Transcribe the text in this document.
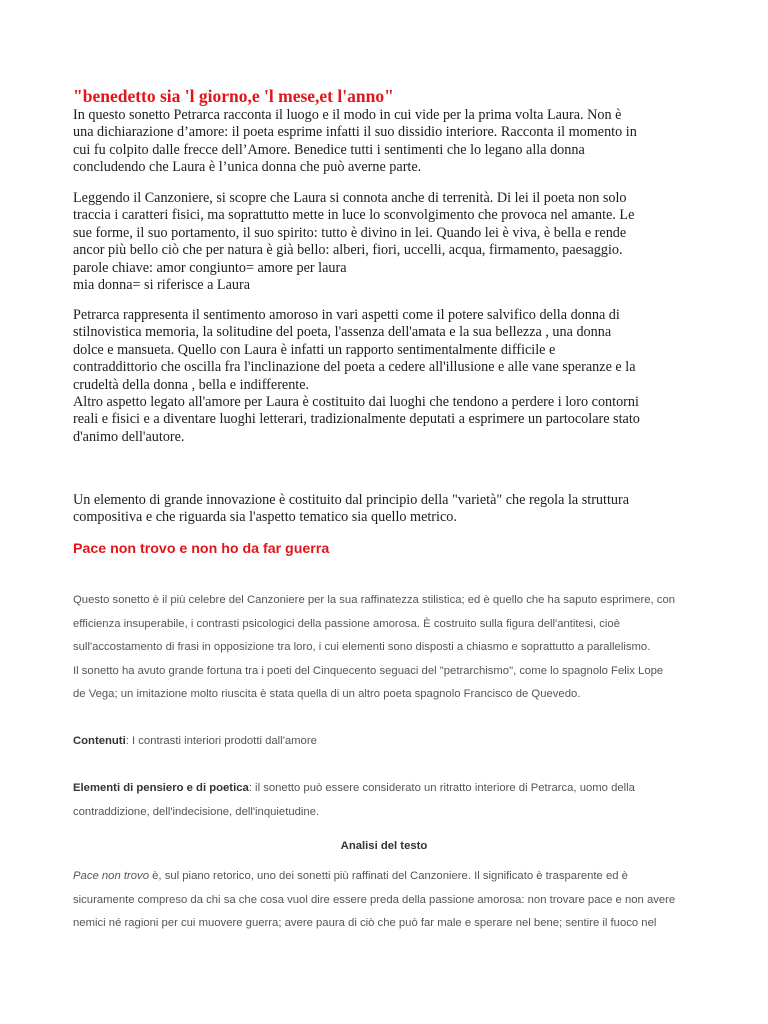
"benedetto sia 'l giorno,e 'l mese,et l'anno"
In questo sonetto Petrarca racconta il luogo e il modo in cui vide per la prima volta Laura. Non è
una dichiarazione d’amore: il poeta esprime infatti il suo dissidio interiore. Racconta il momento in
cui fu colpito dalle frecce dell’Amore. Benedice tutti i sentimenti che lo legano alla donna
concludendo che Laura è l’unica donna che può averne parte.
Leggendo il Canzoniere, si scopre che Laura si connota anche di terrenità. Di lei il poeta non solo
traccia i caratteri fisici, ma soprattutto mette in luce lo sconvolgimento che provoca nel amante. Le
sue forme, il suo portamento, il suo spirito: tutto è divino in lei. Quando lei è viva, è bella e rende
ancor più bello ciò che per natura è già bello: alberi, fiori, uccelli, acqua, firmamento, paesaggio.
parole chiave: amor congiunto= amore per laura
mia donna= si riferisce a Laura
Petrarca rappresenta il sentimento amoroso in vari aspetti come il potere salvifico della donna di
stilnovistica memoria, la solitudine del poeta, l'assenza dell'amata e la sua bellezza , una donna
dolce e mansueta. Quello con Laura è infatti un rapporto sentimentalmente difficile e
contraddittorio che oscilla fra l'inclinazione del poeta a cedere all'illusione e alle vane speranze e la
crudeltà della donna , bella e indifferente.
Altro aspetto legato all'amore per Laura è costituito dai luoghi che tendono a perdere i loro contorni
reali e fisici e a diventare luoghi letterari, tradizionalmente deputati a esprimere un partocolare stato
d'animo dell'autore.
Un elemento di grande innovazione è costituito dal principio della "varietà" che regola la struttura
compositiva e che riguarda sia l'aspetto tematico sia quello metrico.
Pace non trovo e non ho da far guerra
Questo sonetto è il più celebre del Canzoniere per la sua raffinatezza stilistica; ed è quello che ha saputo esprimere, con
efficienza insuperabile, i contrasti psicologici della passione amorosa. È costruito sulla figura dell'antitesi, cioè
sull'accostamento di frasi in opposizione tra loro, i cui elementi sono disposti a chiasmo e soprattutto a parallelismo.
Il sonetto ha avuto grande fortuna tra i poeti del Cinquecento seguaci del "petrarchismo", come lo spagnolo Felix Lope
de Vega; un imitazione molto riuscita è stata quella di un altro poeta spagnolo Francisco de Quevedo.
Contenuti: I contrasti interiori prodotti dall'amore
Elementi di pensiero e di poetica: il sonetto può essere considerato un ritratto interiore di Petrarca, uomo della
contraddizione, dell'indecisione, dell'inquietudine.
Analisi del testo
Pace non trovo è, sul piano retorico, uno dei sonetti più raffinati del Canzoniere. Il significato è trasparente ed è
sicuramente compreso da chi sa che cosa vuol dire essere preda della passione amorosa: non trovare pace e non avere
nemici né ragioni per cui muovere guerra; avere paura di ciò che può far male e sperare nel bene; sentire il fuoco nel
